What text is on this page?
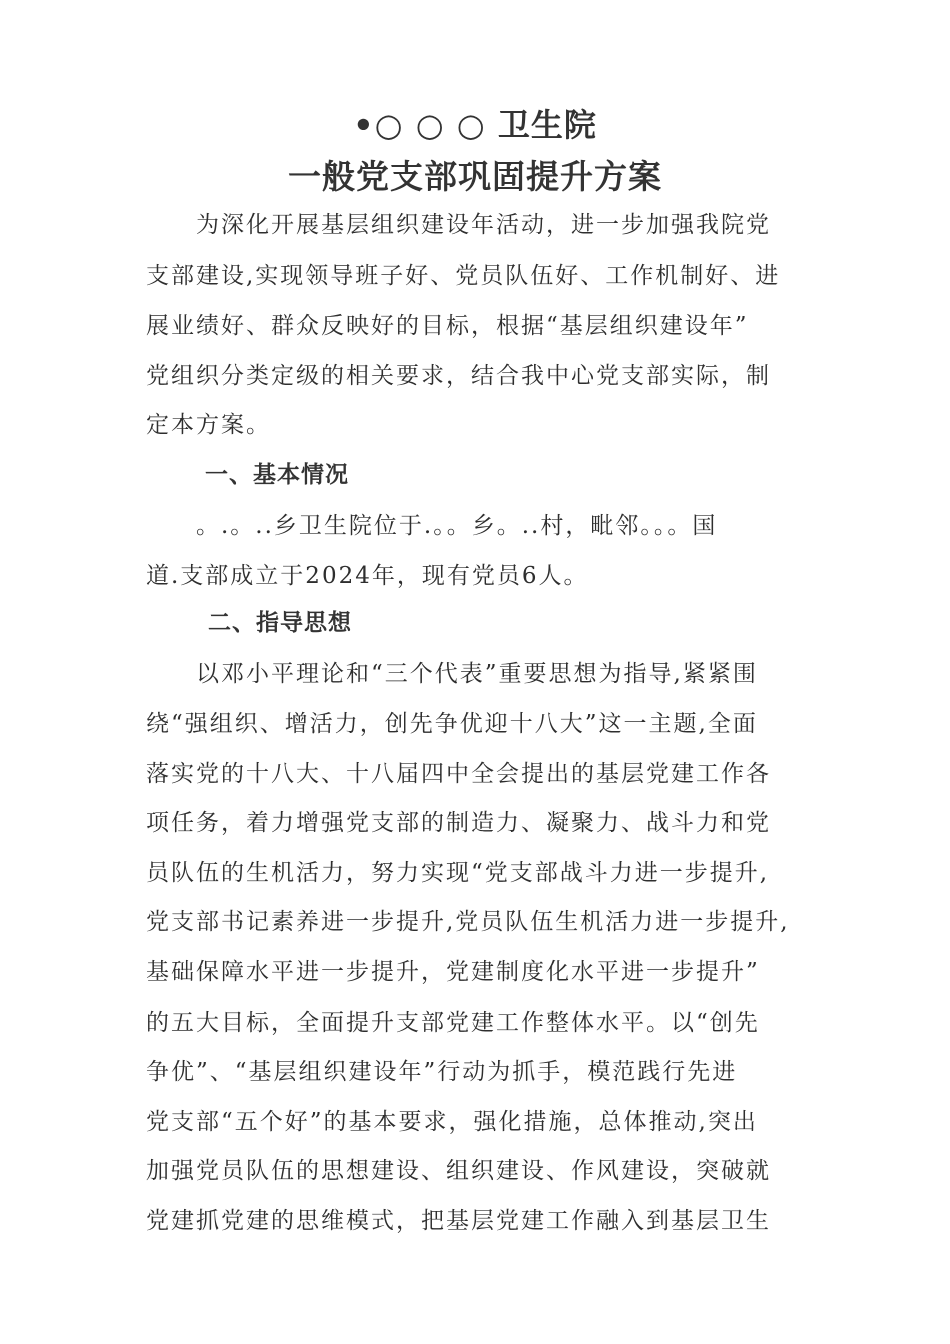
•○ ○ ○ 卫生院
一般党支部巩固提升方案
为深化开展基层组织建设年活动，进一步加强我院党
支部建设,实现领导班子好、党员队伍好、工作机制好、进
展业绩好、群众反映好的目标，根据“基层组织建设年”
党组织分类定级的相关要求，结合我中心党支部实际，制
定本方案。
一、基本情况
。.。..乡卫生院位于.。。乡。..村，毗邻。。。国
道.支部成立于2024年，现有党员6人。
二、指导思想
以邓小平理论和“三个代表”重要思想为指导,紧紧围
绕“强组织、增活力，创先争优迎十八大”这一主题,全面
落实党的十八大、十八届四中全会提出的基层党建工作各
项任务，着力增强党支部的制造力、凝聚力、战斗力和党
员队伍的生机活力，努力实现“党支部战斗力进一步提升,
党支部书记素养进一步提升,党员队伍生机活力进一步提升,
基础保障水平进一步提升，党建制度化水平进一步提升”
的五大目标，全面提升支部党建工作整体水平。以“创先
争优”、“基层组织建设年”行动为抓手，模范践行先进
党支部“五个好”的基本要求，强化措施，总体推动,突出
加强党员队伍的思想建设、组织建设、作风建设，突破就
党建抓党建的思维模式，把基层党建工作融入到基层卫生
